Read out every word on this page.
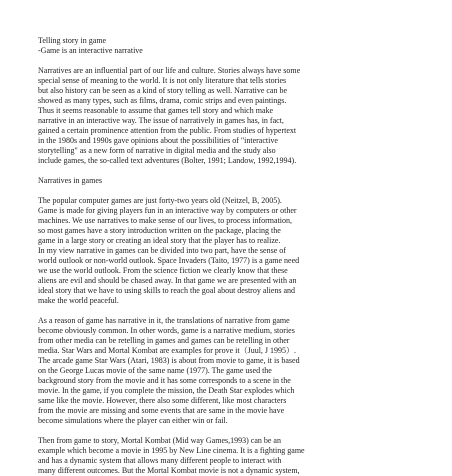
Telling story in game
-Game is an interactive narrative

Narratives are an influential part of our life and culture. Stories always have some
special sense of meaning to the world. It is not only literature that tells stories
but also history can be seen as a kind of story telling as well. Narrative can be
showed as many types, such as films, drama, comic strips and even paintings.
Thus it seems reasonable to assume that games tell story and which make
narrative in an interactive way. The issue of narratively in games has, in fact,
gained a certain prominence attention from the public. From studies of hypertext
in the 1980s and 1990s gave opinions about the possibilities of "interactive
storytelling" as a new form of narrative in digital media and the study also
include games, the so-called text adventures (Bolter, 1991; Landow, 1992,1994).

Narratives in games

The popular computer games are just forty-two years old (Neitzel, B, 2005).
Game is made for giving players fun in an interactive way by computers or other
machines. We use narratives to make sense of our lives, to process information,
so most games have a story introduction written on the package, placing the
game in a large story or creating an ideal story that the player has to realize.
In my view narrative in games can be divided into two part, have the sense of
world outlook or non-world outlook. Space Invaders (Taito, 1977) is a game need
we use the world outlook. From the science fiction we clearly know that these
aliens are evil and should be chased away. In that game we are presented with an
ideal story that we have to using skills to reach the goal about destroy aliens and
make the world peaceful.

As a reason of game has narrative in it, the translations of narrative from game
become obviously common. In other words, game is a narrative medium, stories
from other media can be retelling in games and games can be retelling in other
media. Star Wars and Mortal Kombat are examples for prove it（Juul, J 1995）.
The arcade game Star Wars (Atari, 1983) is about from movie to game, it is based
on the George Lucas movie of the same name (1977). The game used the
background story from the movie and it has some corresponds to a scene in the
movie. In the game, if you complete the mission, the Death Star explodes which
same like the movie. However, there also some different, like most characters
from the movie are missing and some events that are same in the movie have
become simulations where the player can either win or fail.

Then from game to story, Mortal Kombat (Mid way Games,1993) can be an
example which become a movie in 1995 by New Line cinema. It is a fighting game
and has a dynamic system that allows many different people to interact with
many different outcomes. But the Mortal Kombat movie is not a dynamic system,
